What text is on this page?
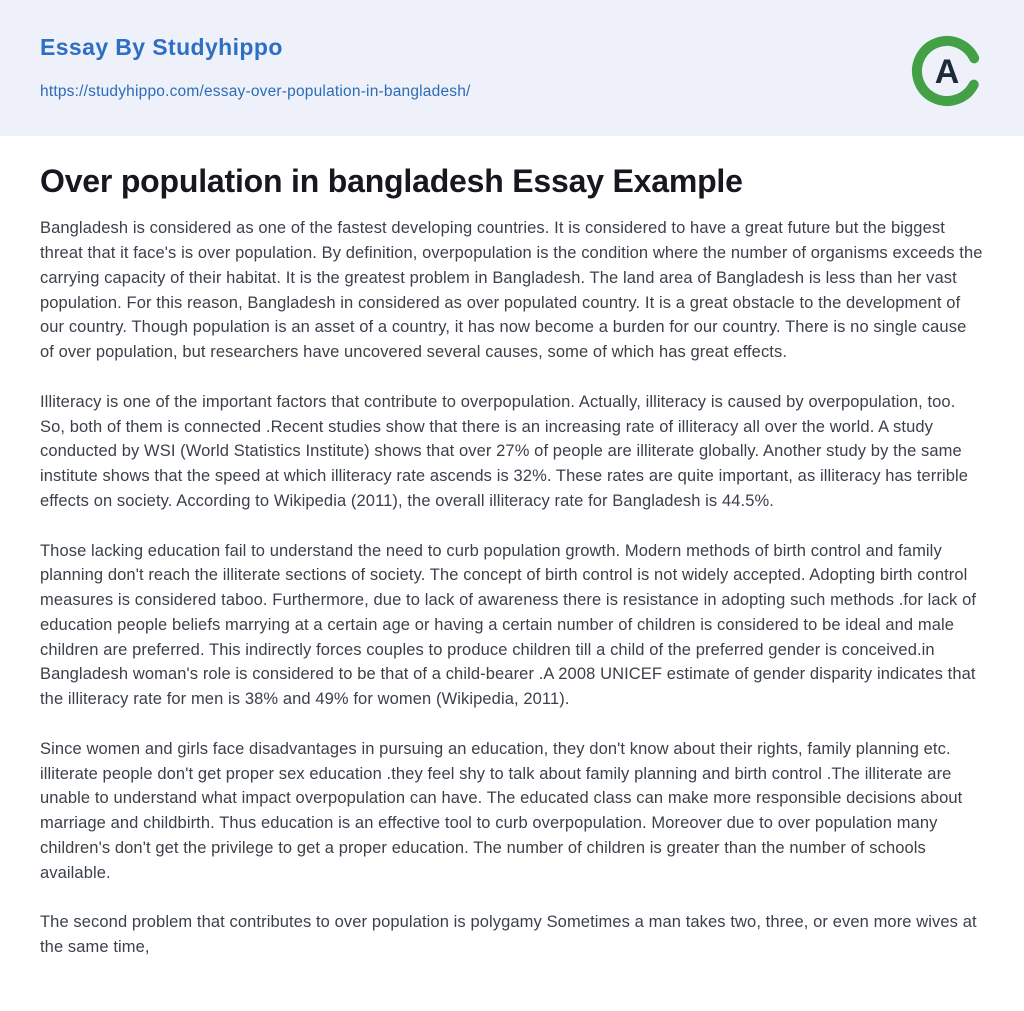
Essay By Studyhippo
https://studyhippo.com/essay-over-population-in-bangladesh/
A
Over population in bangladesh Essay Example

Bangladesh is considered as one of the fastest developing countries. It is considered to have a great future but the biggest threat that it face's is over population. By definition, overpopulation is the condition where the number of organisms exceeds the carrying capacity of their habitat. It is the greatest problem in Bangladesh. The land area of Bangladesh is less than her vast population. For this reason, Bangladesh in considered as over populated country. It is a great obstacle to the development of our country. Though population is an asset of a country, it has now become a burden for our country. There is no single cause of over population, but researchers have uncovered several causes, some of which has great effects.

Illiteracy is one of the important factors that contribute to overpopulation. Actually, illiteracy is caused by overpopulation, too. So, both of them is connected .Recent studies show that there is an increasing rate of illiteracy all over the world. A study conducted by WSI (World Statistics Institute) shows that over 27% of people are illiterate globally. Another study by the same institute shows that the speed at which illiteracy rate ascends is 32%. These rates are quite important, as illiteracy has terrible effects on society. According to Wikipedia (2011), the overall illiteracy rate for Bangladesh is 44.5%.

Those lacking education fail to understand the need to curb population growth. Modern methods of birth control and family planning don't reach the illiterate sections of society. The concept of birth control is not widely accepted. Adopting birth control measures is considered taboo. Furthermore, due to lack of awareness there is resistance in adopting such methods .for lack of education people beliefs marrying at a certain age or having a certain number of children is considered to be ideal and male children are preferred. This indirectly forces couples to produce children till a child of the preferred gender is conceived.in Bangladesh woman's role is considered to be that of a child-bearer .A 2008 UNICEF estimate of gender disparity indicates that the illiteracy rate for men is 38% and 49% for women (Wikipedia, 2011).

Since women and girls face disadvantages in pursuing an education, they don't know about their rights, family planning etc. illiterate people don't get proper sex education .they feel shy to talk about family planning and birth control .The illiterate are unable to understand what impact overpopulation can have. The educated class can make more responsible decisions about marriage and childbirth. Thus education is an effective tool to curb overpopulation. Moreover due to over population many children's don't get the privilege to get a proper education. The number of children is greater than the number of schools available.

The second problem that contributes to over population is polygamy Sometimes a man takes two, three, or even more wives at the same time,
